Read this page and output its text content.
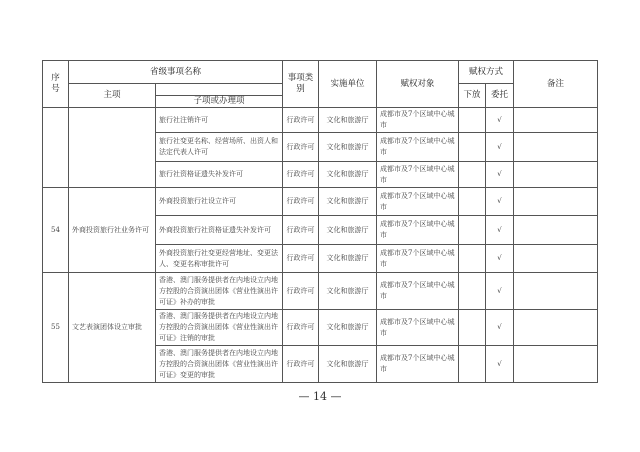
序号	省级事项名称		事项类别	实施单位	赋权对象	赋权方式		备注
	主项					下放	委托	
		子项或办理项						
		旅行社注销许可	行政许可	文化和旅游厅	成都市及7个区域中心城市		√	
		旅行社变更名称、经营场所、出资人和法定代表人许可	行政许可	文化和旅游厅	成都市及7个区域中心城市		√	
		旅行社资格证遗失补发许可	行政许可	文化和旅游厅	成都市及7个区域中心城市		√	
54	外商投资旅行社业务许可	外商投资旅行社设立许可	行政许可	文化和旅游厅	成都市及7个区域中心城市		√	
		外商投资旅行社资格证遗失补发许可	行政许可	文化和旅游厅	成都市及7个区域中心城市		√	
		外商投资旅行社变更经营地址、变更法人、变更名称审批许可	行政许可	文化和旅游厅	成都市及7个区域中心城市		√	
55	文艺表演团体设立审批	香港、澳门服务提供者在内地设立内地方控股的合资演出团体《营业性演出许可证》补办的审批	行政许可	文化和旅游厅	成都市及7个区域中心城市		√	
		香港、澳门服务提供者在内地设立内地方控股的合资演出团体《营业性演出许可证》注销的审批	行政许可	文化和旅游厅	成都市及7个区域中心城市		√	
		香港、澳门服务提供者在内地设立内地方控股的合资演出团体《营业性演出许可证》变更的审批	行政许可	文化和旅游厅	成都市及7个区域中心城市		√	
— 14 —
